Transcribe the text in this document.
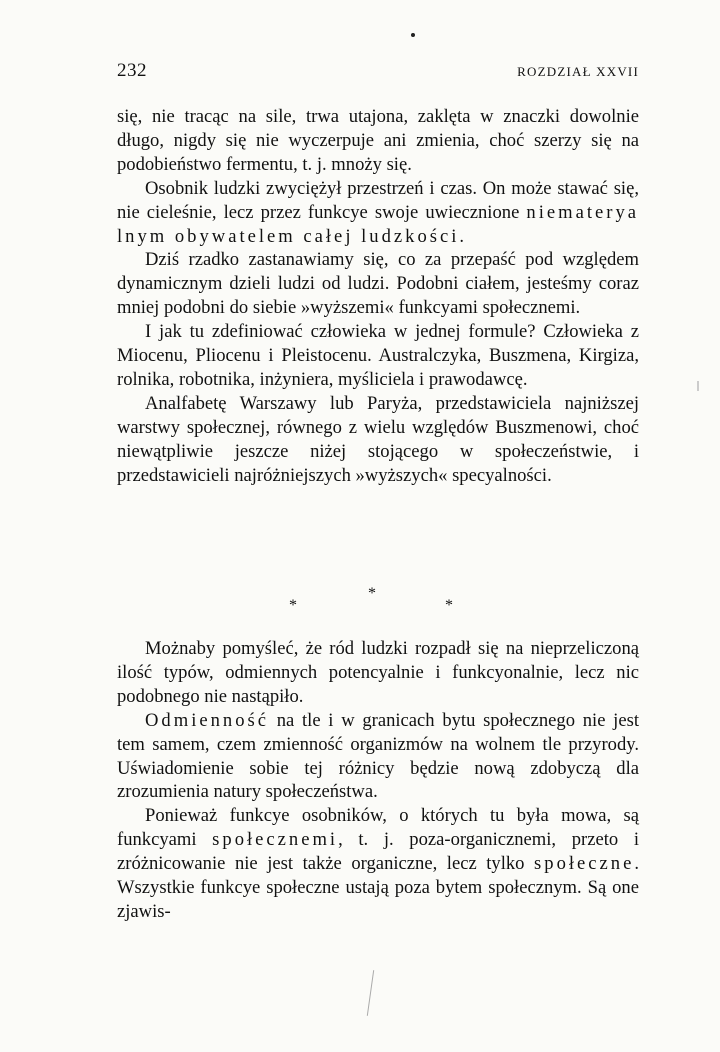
232	ROZDZIAŁ XXVII

się, nie tracąc na sile, trwa utajona, zaklęta w znaczki dowolnie długo, nigdy się nie wyczerpuje ani zmienia, choć szerzy się na podobieństwo fermentu, t. j. mnoży się.

Osobnik ludzki zwyciężył przestrzeń i czas. On może stawać się, nie cieleśnie, lecz przez funkcye swoje uwiecznione niematerya lnym obywatelem całej ludzkości.

Dziś rzadko zastanawiamy się, co za przepaść pod względem dynamicznym dzieli ludzi od ludzi. Podobni ciałem, jesteśmy coraz mniej podobni do siebie »wyższemi« funkcyami społecznemi.

I jak tu zdefiniować człowieka w jednej formule? Człowieka z Miocenu, Pliocenu i Pleistocenu. Australczyka, Buszmena, Kirgiza, rolnika, robotnika, inżyniera, myśliciela i prawodawcę.

Analfabetę Warszawy lub Paryża, przedstawiciela najniższej warstwy społecznej, równego z wielu względów Buszmenowi, choć niewątpliwie jeszcze niżej stojącego w społeczeństwie, i przedstawicieli najróżniejszych »wyższych« specyalności.

*
*	*

Możnaby pomyśleć, że ród ludzki rozpadł się na nieprzeliczoną ilość typów, odmiennych potencyalnie i funkcyonalnie, lecz nic podobnego nie nastąpiło.

Odmienność na tle i w granicach bytu społecznego nie jest tem samem, czem zmienność organizmów na wolnem tle przyrody. Uświadomienie sobie tej różnicy będzie nową zdobyczą dla zrozumienia natury społeczeństwa.

Ponieważ funkcye osobników, o których tu była mowa, są funkcyami społecznemi, t. j. poza-organicznemi, przeto i zróżnicowanie nie jest także organiczne, lecz tylko społeczne. Wszystkie funkcye społeczne ustają poza bytem społecznym. Są one zjawis-
